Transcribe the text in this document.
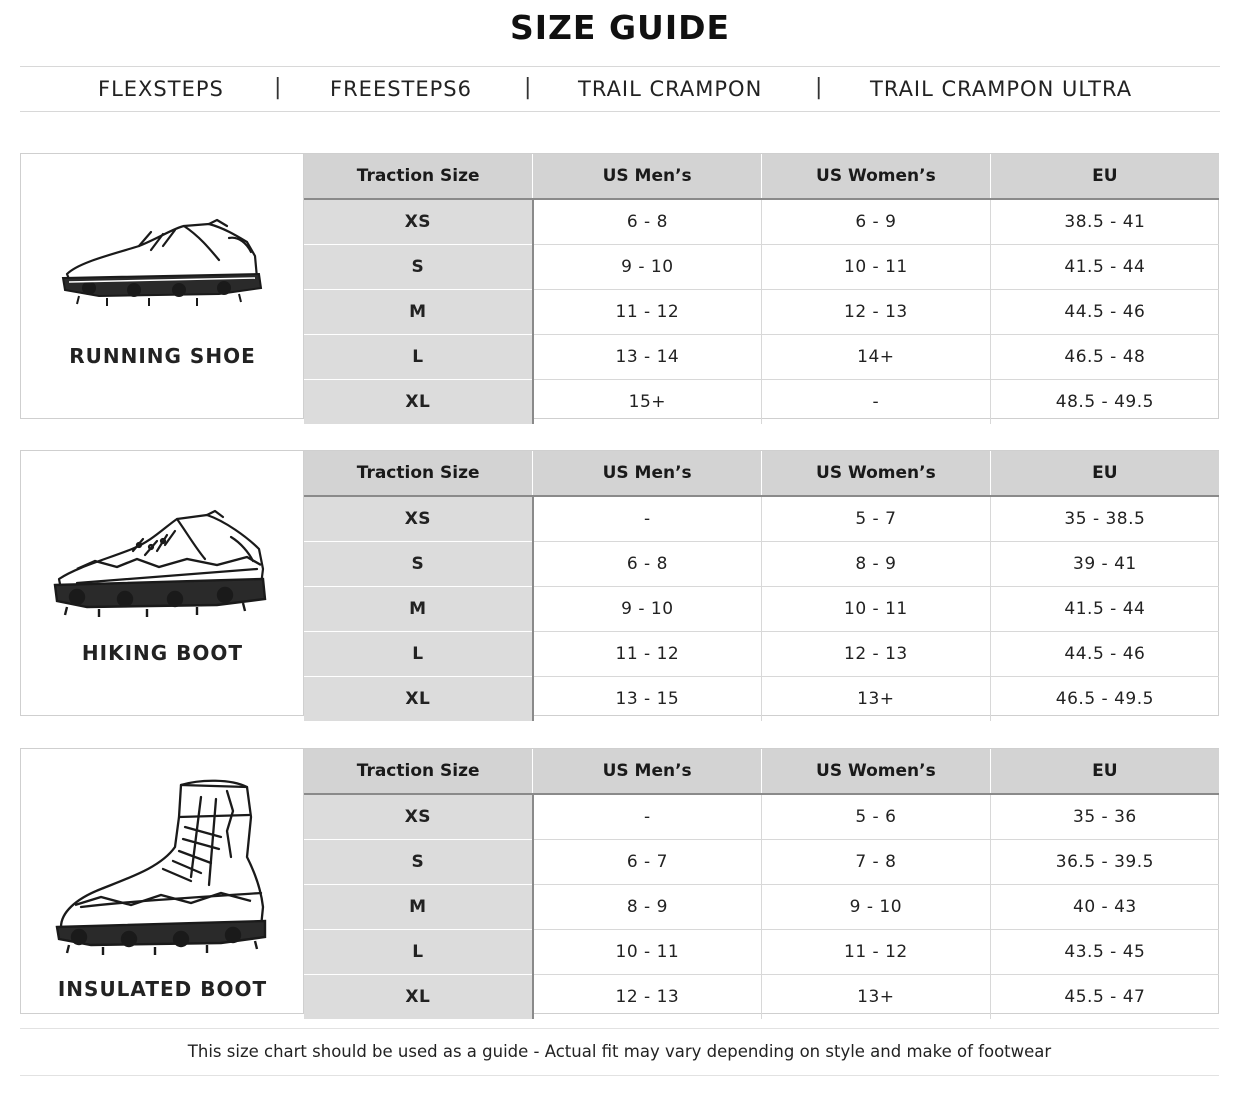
SIZE GUIDE
FLEXSTEPS | FREESTEPS6 | TRAIL CRAMPON | TRAIL CRAMPON ULTRA
RUNNING SHOE
Traction Size	US Men’s	US Women’s	EU
XS	6 - 8	6 - 9	38.5 - 41
S	9 - 10	10 - 11	41.5 - 44
M	11 - 12	12 - 13	44.5 - 46
L	13 - 14	14+	46.5 - 48
XL	15+	-	48.5 - 49.5
HIKING BOOT
Traction Size	US Men’s	US Women’s	EU
XS	-	5 - 7	35 - 38.5
S	6 - 8	8 - 9	39 - 41
M	9 - 10	10 - 11	41.5 - 44
L	11 - 12	12 - 13	44.5 - 46
XL	13 - 15	13+	46.5 - 49.5
INSULATED BOOT
Traction Size	US Men’s	US Women’s	EU
XS	-	5 - 6	35 - 36
S	6 - 7	7 - 8	36.5 - 39.5
M	8 - 9	9 - 10	40 - 43
L	10 - 11	11 - 12	43.5 - 45
XL	12 - 13	13+	45.5 - 47
This size chart should be used as a guide - Actual fit may vary depending on style and make of footwear
